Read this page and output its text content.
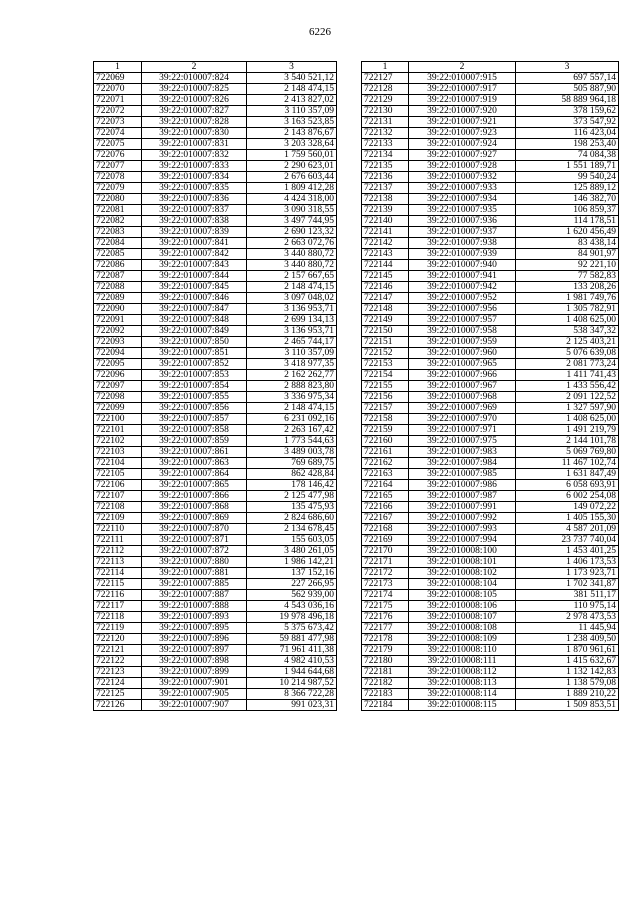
6226
1	2	3
722069	39:22:010007:824	3 540 521,12
722070	39:22:010007:825	2 148 474,15
722071	39:22:010007:826	2 413 827,02
722072	39:22:010007:827	3 110 357,09
722073	39:22:010007:828	3 163 523,85
722074	39:22:010007:830	2 143 876,67
722075	39:22:010007:831	3 203 328,64
722076	39:22:010007:832	1 759 560,01
722077	39:22:010007:833	2 290 623,01
722078	39:22:010007:834	2 676 603,44
722079	39:22:010007:835	1 809 412,28
722080	39:22:010007:836	4 424 318,00
722081	39:22:010007:837	3 090 318,55
722082	39:22:010007:838	3 497 744,95
722083	39:22:010007:839	2 690 123,32
722084	39:22:010007:841	2 663 072,76
722085	39:22:010007:842	3 440 880,72
722086	39:22:010007:843	3 440 880,72
722087	39:22:010007:844	2 157 667,65
722088	39:22:010007:845	2 148 474,15
722089	39:22:010007:846	3 097 048,02
722090	39:22:010007:847	3 136 953,71
722091	39:22:010007:848	2 699 134,13
722092	39:22:010007:849	3 136 953,71
722093	39:22:010007:850	2 465 744,17
722094	39:22:010007:851	3 110 357,09
722095	39:22:010007:852	3 418 977,35
722096	39:22:010007:853	2 162 262,77
722097	39:22:010007:854	2 888 823,80
722098	39:22:010007:855	3 336 975,34
722099	39:22:010007:856	2 148 474,15
722100	39:22:010007:857	6 231 092,16
722101	39:22:010007:858	2 263 167,42
722102	39:22:010007:859	1 773 544,63
722103	39:22:010007:861	3 489 003,78
722104	39:22:010007:863	769 689,75
722105	39:22:010007:864	862 428,84
722106	39:22:010007:865	178 146,42
722107	39:22:010007:866	2 125 477,98
722108	39:22:010007:868	135 475,93
722109	39:22:010007:869	2 824 686,60
722110	39:22:010007:870	2 134 678,45
722111	39:22:010007:871	155 603,05
722112	39:22:010007:872	3 480 261,05
722113	39:22:010007:880	1 986 142,21
722114	39:22:010007:881	137 152,16
722115	39:22:010007:885	227 266,95
722116	39:22:010007:887	562 939,00
722117	39:22:010007:888	4 543 036,16
722118	39:22:010007:893	19 978 496,18
722119	39:22:010007:895	5 375 673,42
722120	39:22:010007:896	59 881 477,98
722121	39:22:010007:897	71 961 411,38
722122	39:22:010007:898	4 982 410,53
722123	39:22:010007:899	1 944 644,68
722124	39:22:010007:901	10 214 987,52
722125	39:22:010007:905	8 366 722,28
722126	39:22:010007:907	991 023,31
1	2	3
722127	39:22:010007:915	697 557,14
722128	39:22:010007:917	505 887,90
722129	39:22:010007:919	58 889 964,18
722130	39:22:010007:920	378 159,62
722131	39:22:010007:921	373 547,92
722132	39:22:010007:923	116 423,04
722133	39:22:010007:924	198 253,40
722134	39:22:010007:927	74 084,38
722135	39:22:010007:928	1 551 189,71
722136	39:22:010007:932	99 540,24
722137	39:22:010007:933	125 889,12
722138	39:22:010007:934	146 382,70
722139	39:22:010007:935	106 859,37
722140	39:22:010007:936	114 178,51
722141	39:22:010007:937	1 620 456,49
722142	39:22:010007:938	83 438,14
722143	39:22:010007:939	84 901,97
722144	39:22:010007:940	92 221,10
722145	39:22:010007:941	77 582,83
722146	39:22:010007:942	133 208,26
722147	39:22:010007:952	1 981 749,76
722148	39:22:010007:956	1 305 782,91
722149	39:22:010007:957	1 408 625,00
722150	39:22:010007:958	538 347,32
722151	39:22:010007:959	2 125 403,21
722152	39:22:010007:960	5 076 639,08
722153	39:22:010007:965	2 081 773,24
722154	39:22:010007:966	1 411 741,43
722155	39:22:010007:967	1 433 556,42
722156	39:22:010007:968	2 091 122,52
722157	39:22:010007:969	1 327 597,90
722158	39:22:010007:970	1 408 625,00
722159	39:22:010007:971	1 491 219,79
722160	39:22:010007:975	2 144 101,78
722161	39:22:010007:983	5 069 769,80
722162	39:22:010007:984	11 467 102,74
722163	39:22:010007:985	1 631 847,49
722164	39:22:010007:986	6 058 693,91
722165	39:22:010007:987	6 002 254,08
722166	39:22:010007:991	149 072,22
722167	39:22:010007:992	1 405 155,30
722168	39:22:010007:993	4 587 201,09
722169	39:22:010007:994	23 737 740,04
722170	39:22:010008:100	1 453 401,25
722171	39:22:010008:101	1 406 173,53
722172	39:22:010008:102	1 173 923,71
722173	39:22:010008:104	1 702 341,87
722174	39:22:010008:105	381 511,17
722175	39:22:010008:106	110 975,14
722176	39:22:010008:107	2 978 473,53
722177	39:22:010008:108	11 445,94
722178	39:22:010008:109	1 238 409,50
722179	39:22:010008:110	1 870 961,61
722180	39:22:010008:111	1 415 632,67
722181	39:22:010008:112	1 132 142,83
722182	39:22:010008:113	1 138 579,08
722183	39:22:010008:114	1 889 210,22
722184	39:22:010008:115	1 509 853,51
